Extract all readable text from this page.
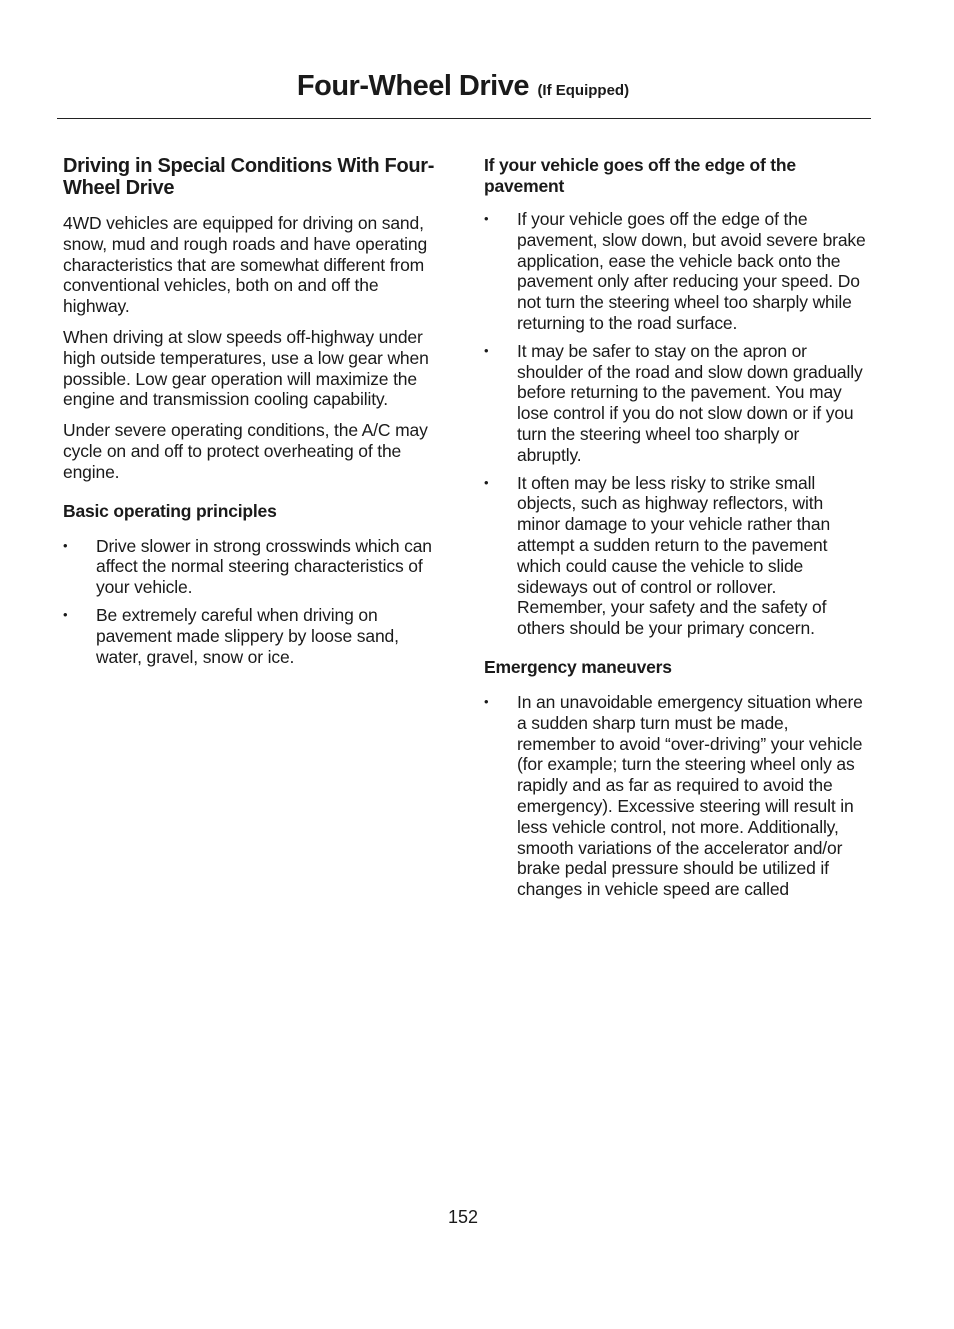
Four-Wheel Drive (If Equipped)
Driving in Special Conditions With Four-Wheel Drive

4WD vehicles are equipped for driving on sand, snow, mud and rough roads and have operating characteristics that are somewhat different from conventional vehicles, both on and off the highway.

When driving at slow speeds off-highway under high outside temperatures, use a low gear when possible. Low gear operation will maximize the engine and transmission cooling capability.

Under severe operating conditions, the A/C may cycle on and off to protect overheating of the engine.

Basic operating principles
• Drive slower in strong crosswinds which can affect the normal steering characteristics of your vehicle.
• Be extremely careful when driving on pavement made slippery by loose sand, water, gravel, snow or ice.
If your vehicle goes off the edge of the pavement
• If your vehicle goes off the edge of the pavement, slow down, but avoid severe brake application, ease the vehicle back onto the pavement only after reducing your speed. Do not turn the steering wheel too sharply while returning to the road surface.
• It may be safer to stay on the apron or shoulder of the road and slow down gradually before returning to the pavement. You may lose control if you do not slow down or if you turn the steering wheel too sharply or abruptly.
• It often may be less risky to strike small objects, such as highway reflectors, with minor damage to your vehicle rather than attempt a sudden return to the pavement which could cause the vehicle to slide sideways out of control or rollover. Remember, your safety and the safety of others should be your primary concern.
Emergency maneuvers
• In an unavoidable emergency situation where a sudden sharp turn must be made, remember to avoid “over-driving” your vehicle (for example; turn the steering wheel only as rapidly and as far as required to avoid the emergency). Excessive steering will result in less vehicle control, not more. Additionally, smooth variations of the accelerator and/or brake pedal pressure should be utilized if changes in vehicle speed are called
152
